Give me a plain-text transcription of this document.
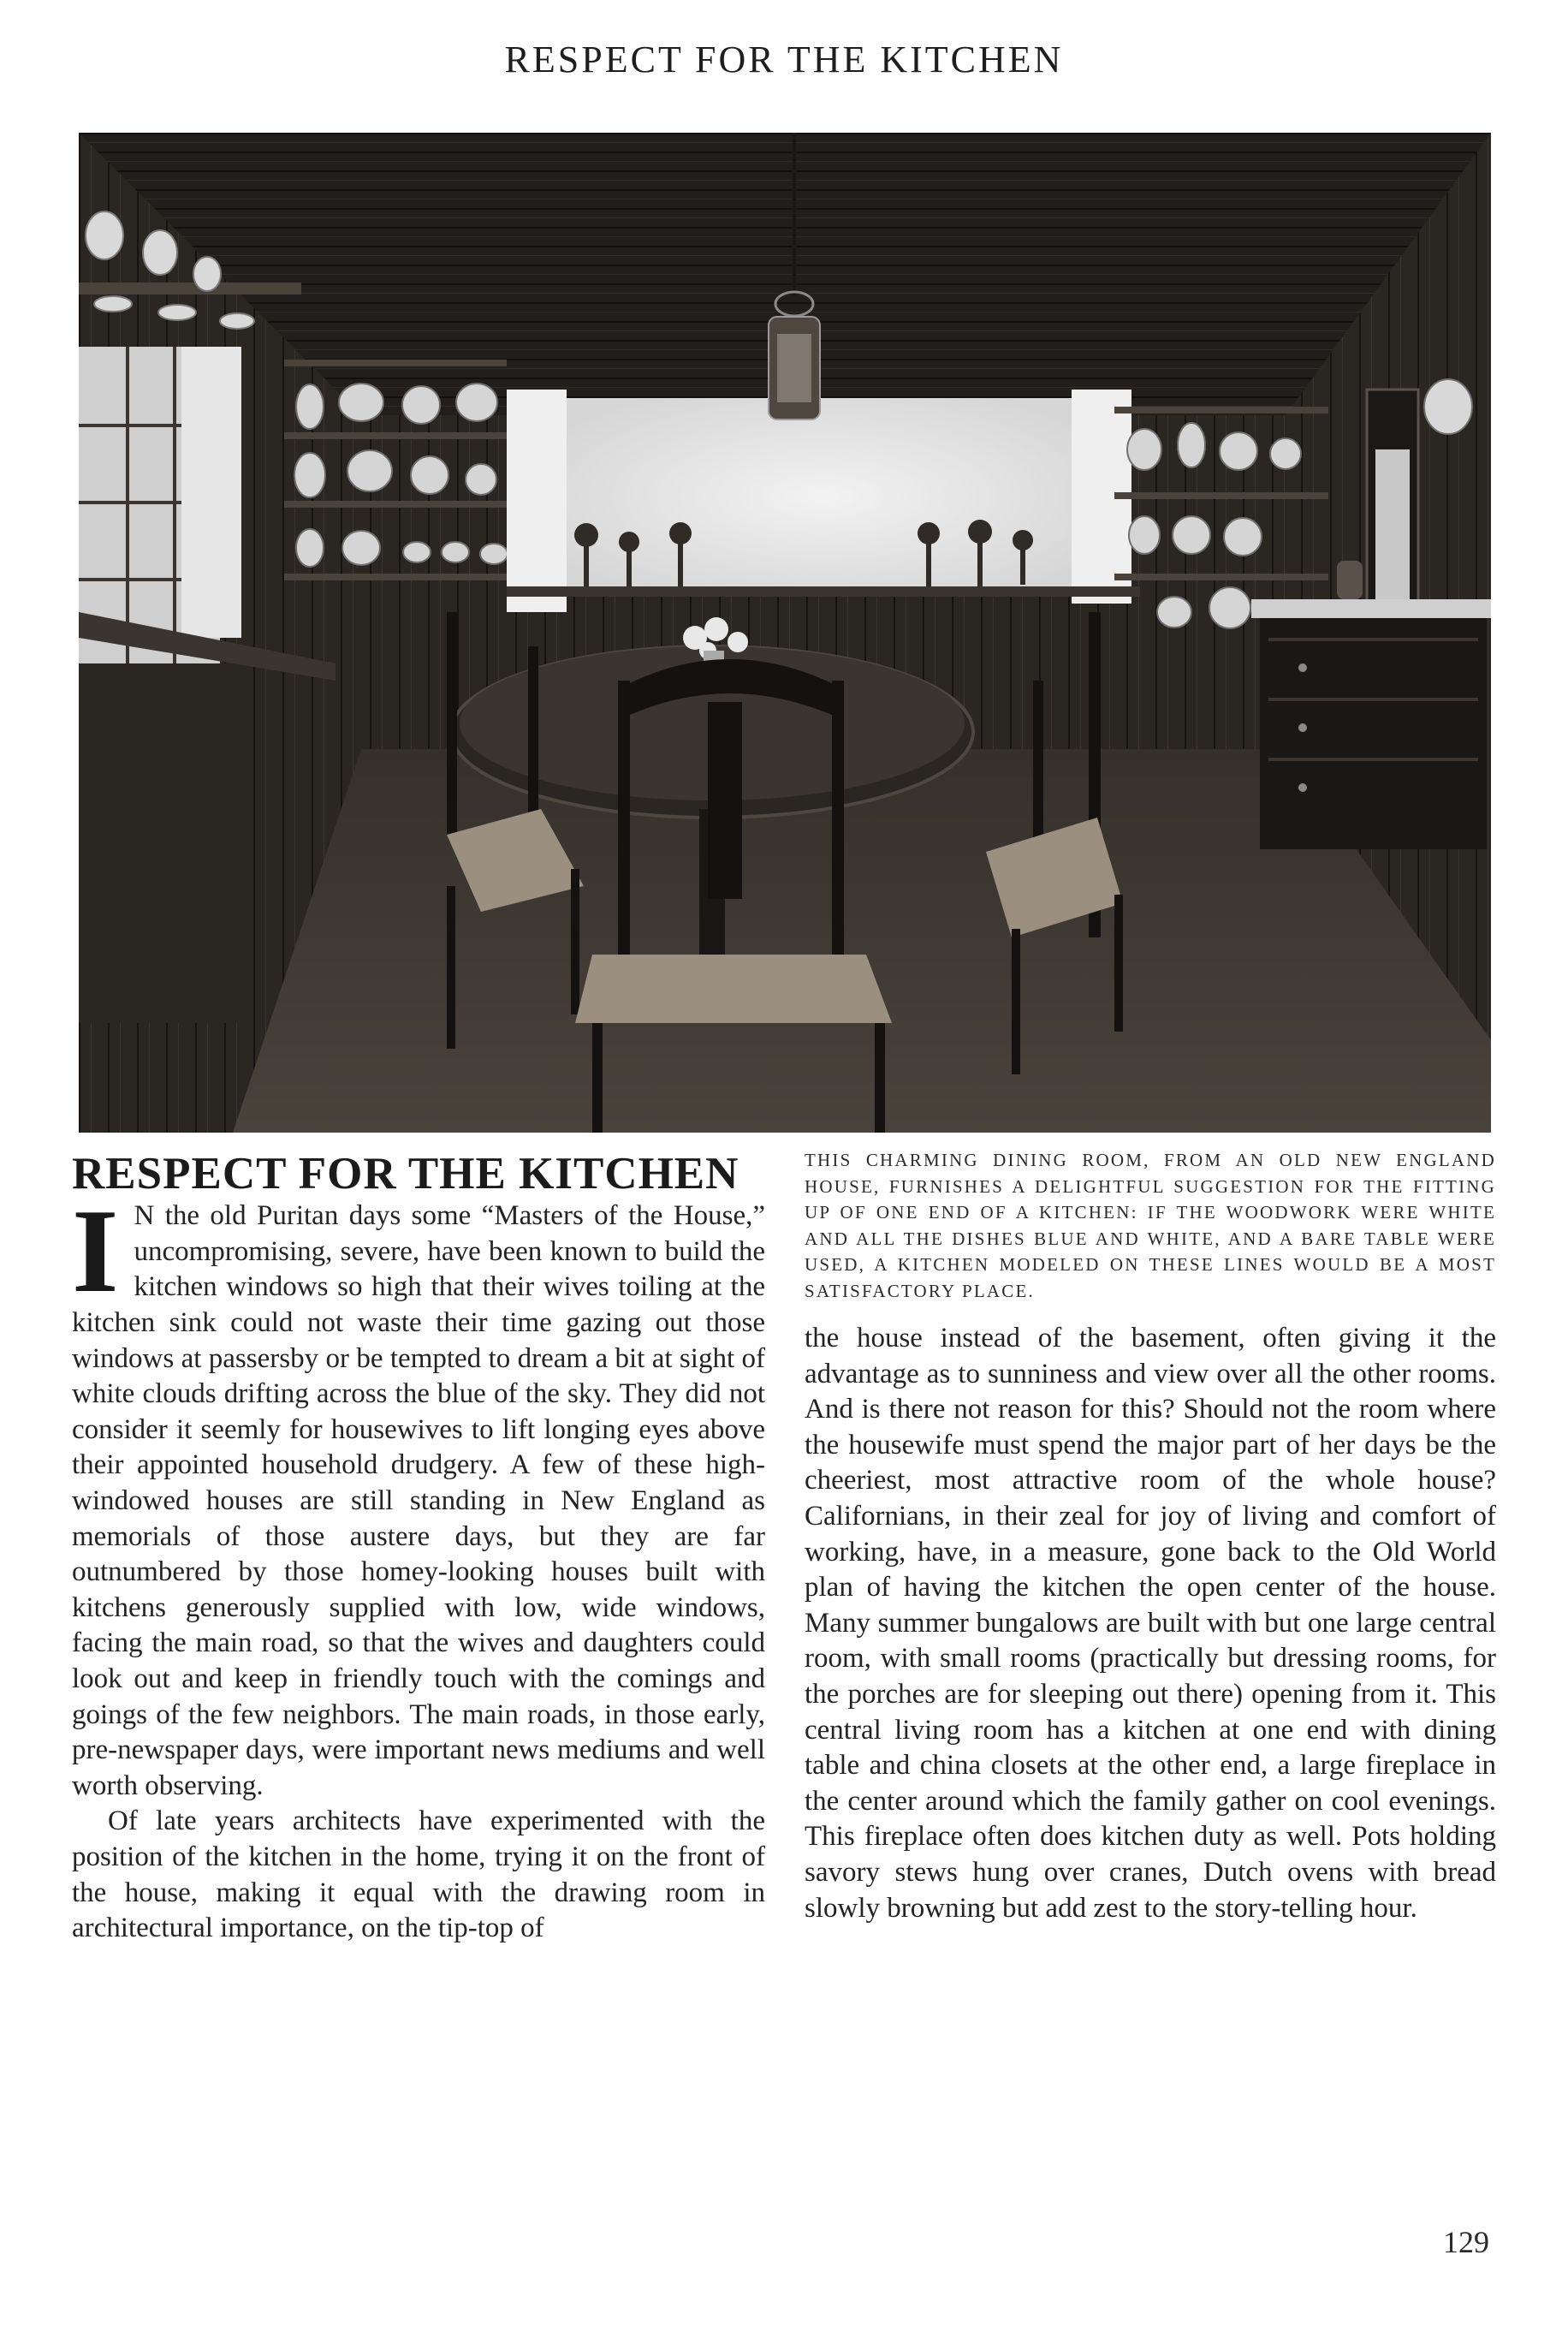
RESPECT FOR THE KITCHEN
RESPECT FOR THE KITCHEN

I N the old Puritan days some “Masters of the House,” uncompromising, severe, have been known to build the kitchen windows so high that their wives toiling at the kitchen sink could not waste their time gazing out those windows at passersby or be tempted to dream a bit at sight of white clouds drifting across the blue of the sky. They did not consider it seemly for housewives to lift longing eyes above their appointed household drudgery. A few of these high-windowed houses are still standing in New England as memorials of those austere days, but they are far outnumbered by those homey-looking houses built with kitchens generously supplied with low, wide windows, facing the main road, so that the wives and daughters could look out and keep in friendly touch with the comings and goings of the few neighbors. The main roads, in those early, pre-newspaper days, were important news mediums and well worth observing.

Of late years architects have experimented with the position of the kitchen in the home, trying it on the front of the house, making it equal with the drawing room in architectural importance, on the tip-top of

THIS CHARMING DINING ROOM, FROM AN OLD NEW ENGLAND HOUSE, FURNISHES A DELIGHTFUL SUGGESTION FOR THE FITTING UP OF ONE END OF A KITCHEN: IF THE WOODWORK WERE WHITE AND ALL THE DISHES BLUE AND WHITE, AND A BARE TABLE WERE USED, A KITCHEN MODELED ON THESE LINES WOULD BE A MOST SATISFACTORY PLACE.

the house instead of the basement, often giving it the advantage as to sunniness and view over all the other rooms. And is there not reason for this? Should not the room where the housewife must spend the major part of her days be the cheeriest, most attractive room of the whole house? Californians, in their zeal for joy of living and comfort of working, have, in a measure, gone back to the Old World plan of having the kitchen the open center of the house. Many summer bungalows are built with but one large central room, with small rooms (practically but dressing rooms, for the porches are for sleeping out there) opening from it. This central living room has a kitchen at one end with dining table and china closets at the other end, a large fireplace in the center around which the family gather on cool evenings. This fireplace often does kitchen duty as well. Pots holding savory stews hung over cranes, Dutch ovens with bread slowly browning but add zest to the story-telling hour.

129
